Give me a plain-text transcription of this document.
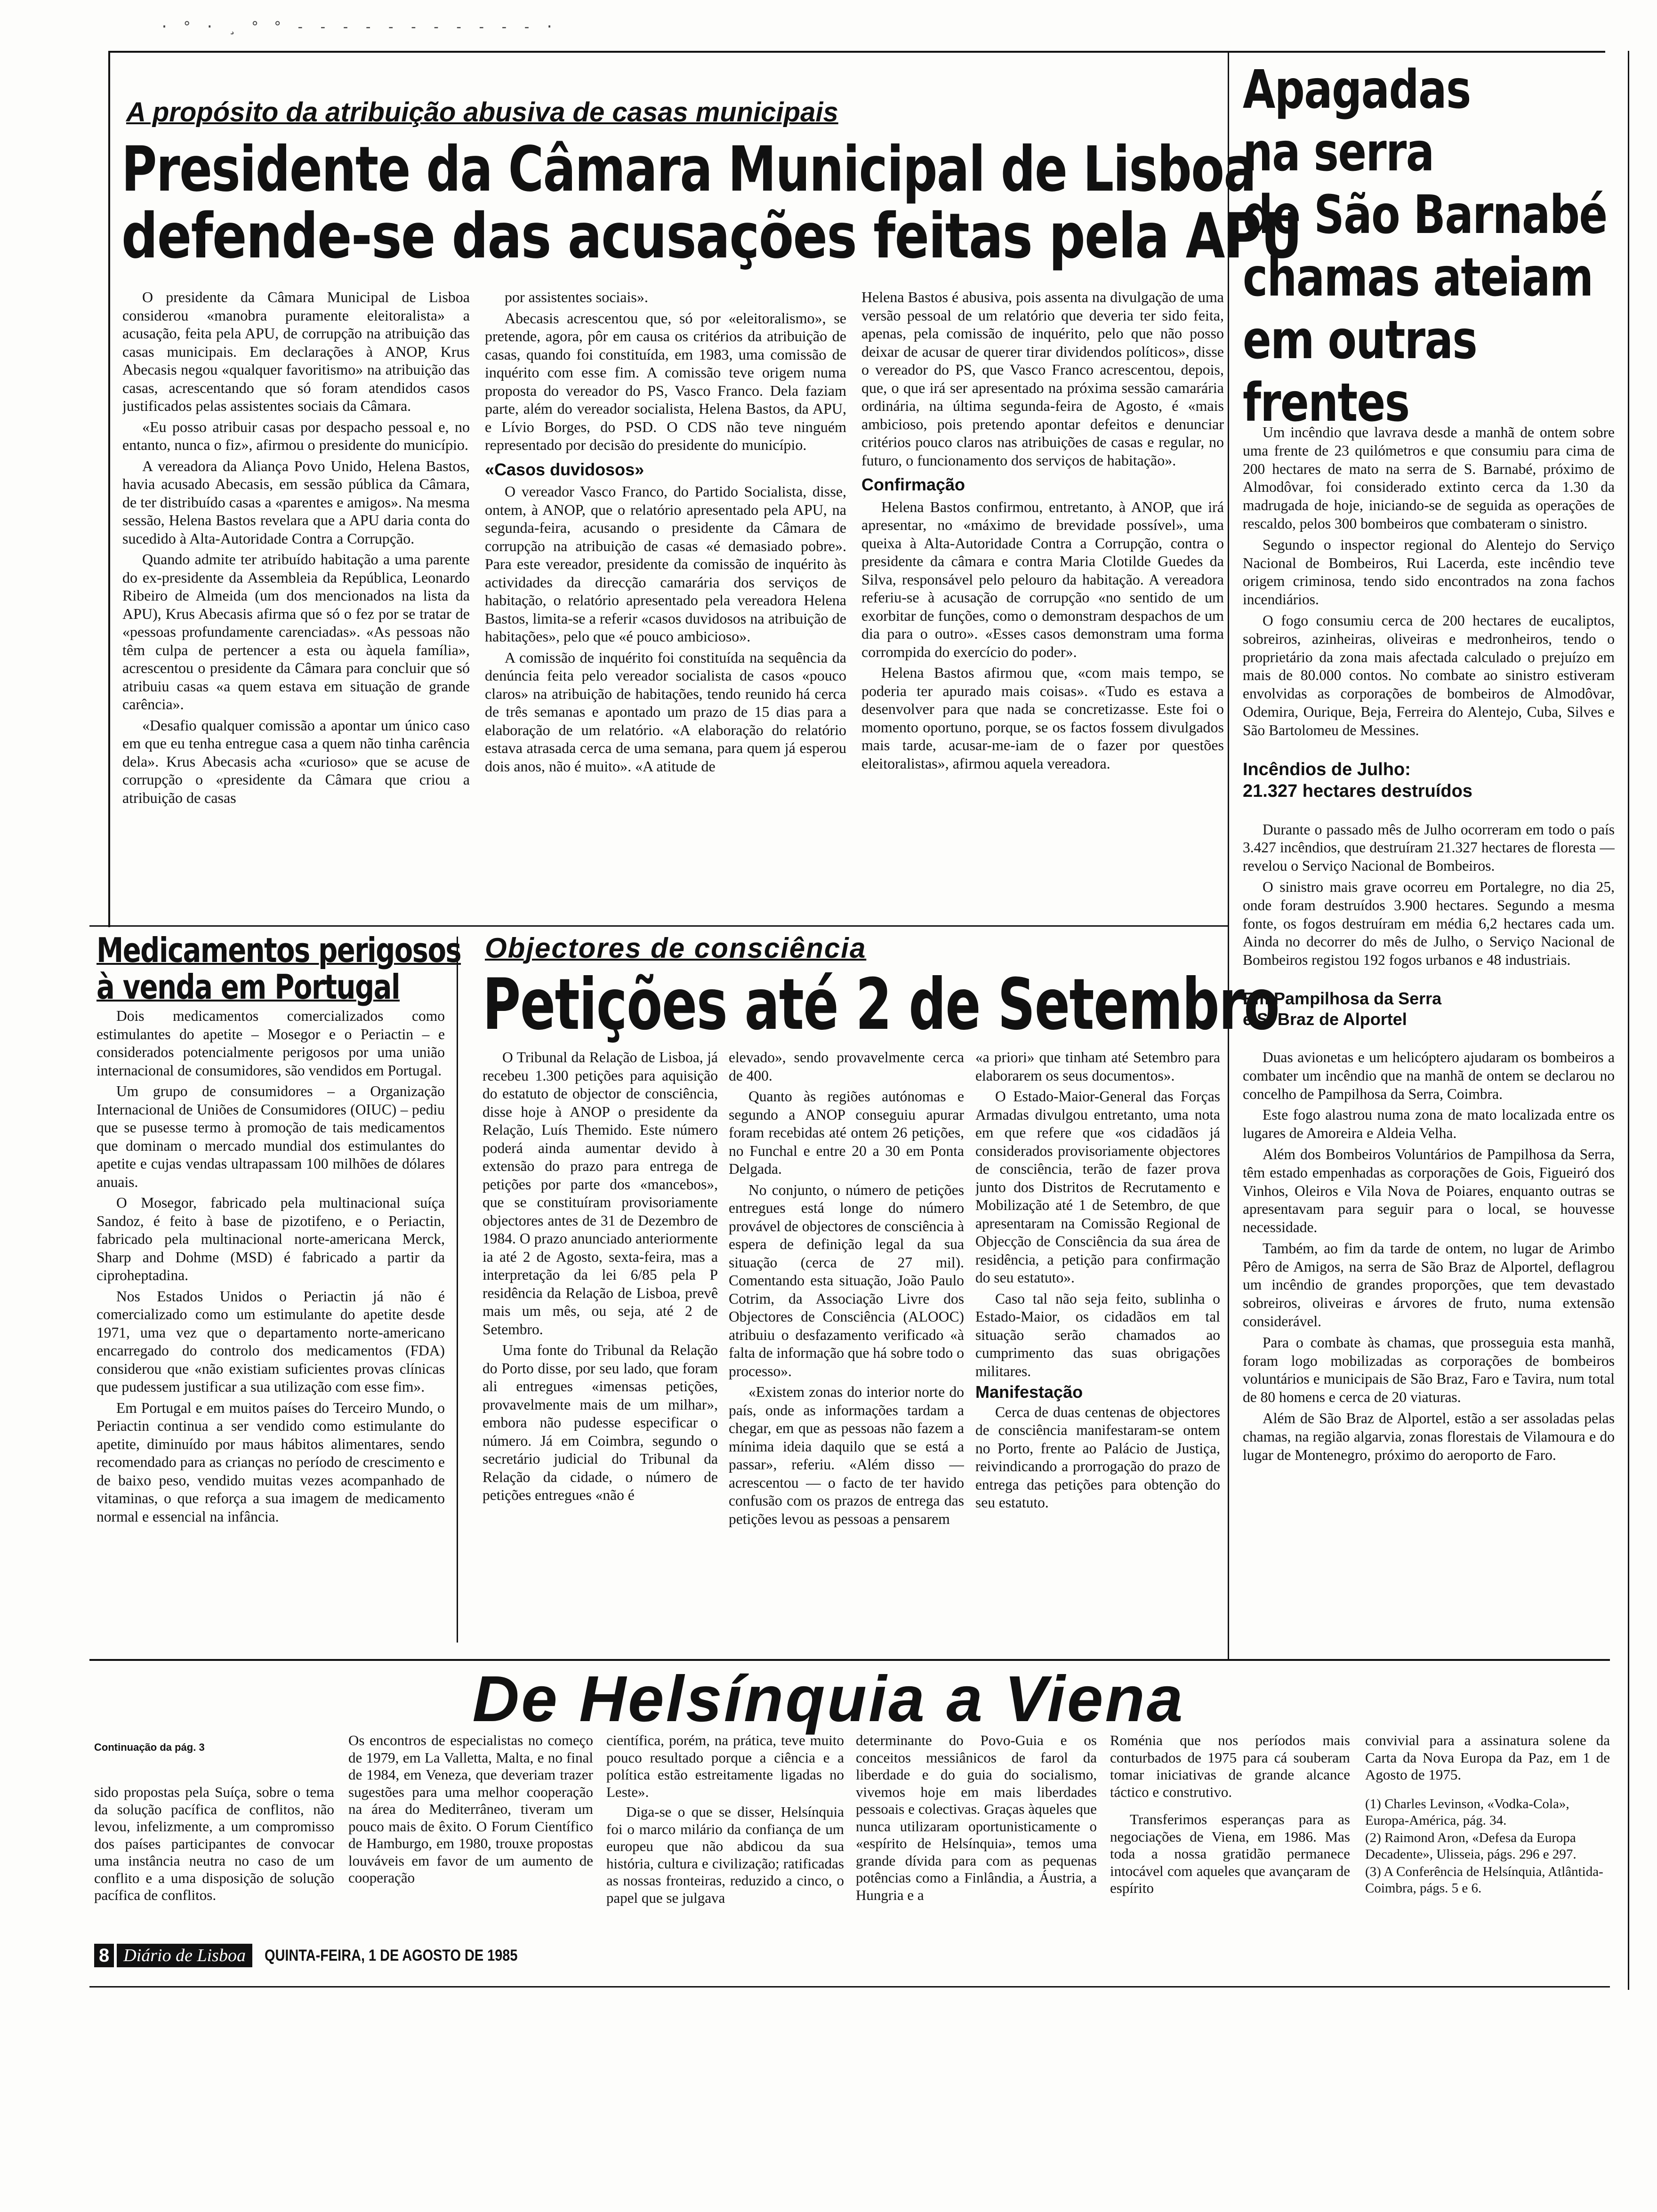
· ° · ¸ ° ° ‐ ‐ ‐ ‐ ‐ ‐ ‐ ‐ ‐ ‐ ‐ ·
A propósito da atribuição abusiva de casas municipais
Presidente da Câmara Municipal de Lisboa
defende-se das acusações feitas pela APU

O presidente da Câmara Municipal de Lisboa considerou «manobra puramente eleitoralista» a acusação, feita pela APU, de corrupção na atribuição das casas municipais. Em declarações à ANOP, Krus Abecasis negou «qualquer favoritismo» na atribuição das casas, acrescentando que só foram atendidos casos justificados pelas assistentes sociais da Câmara.

«Eu posso atribuir casas por despacho pessoal e, no entanto, nunca o fiz», afirmou o presidente do município.

A vereadora da Aliança Povo Unido, Helena Bastos, havia acusado Abecasis, em sessão pública da Câmara, de ter distribuído casas a «parentes e amigos». Na mesma sessão, Helena Bastos revelara que a APU daria conta do sucedido à Alta-Autoridade Contra a Corrupção.

Quando admite ter atribuído habitação a uma parente do ex-presidente da Assembleia da República, Leonardo Ribeiro de Almeida (um dos mencionados na lista da APU), Krus Abecasis afirma que só o fez por se tratar de «pessoas profundamente carenciadas». «As pessoas não têm culpa de pertencer a esta ou àquela família», acrescentou o presidente da Câmara para concluir que só atribuiu casas «a quem estava em situação de grande carência».

«Desafio qualquer comissão a apontar um único caso em que eu tenha entregue casa a quem não tinha carência dela». Krus Abecasis acha «curioso» que se acuse de corrupção o «presidente da Câmara que criou a atribuição de casas

por assistentes sociais».

Abecasis acrescentou que, só por «eleitoralismo», se pretende, agora, pôr em causa os critérios da atribuição de casas, quando foi constituída, em 1983, uma comissão de inquérito com esse fim. A comissão teve origem numa proposta do vereador do PS, Vasco Franco. Dela faziam parte, além do vereador socialista, Helena Bastos, da APU, e Lívio Borges, do PSD. O CDS não teve ninguém representado por decisão do presidente do município.

«Casos duvidosos»

O vereador Vasco Franco, do Partido Socialista, disse, ontem, à ANOP, que o relatório apresentado pela APU, na segunda-feira, acusando o presidente da Câmara de corrupção na atribuição de casas «é demasiado pobre». Para este vereador, presidente da comissão de inquérito às actividades da direcção camarária dos serviços de habitação, o relatório apresentado pela vereadora Helena Bastos, limita-se a referir «casos duvidosos na atribuição de habitações», pelo que «é pouco ambicioso».

A comissão de inquérito foi constituída na sequência da denúncia feita pelo vereador socialista de casos «pouco claros» na atribuição de habitações, tendo reunido há cerca de três semanas e apontado um prazo de 15 dias para a elaboração de um relatório. «A elaboração do relatório estava atrasada cerca de uma semana, para quem já esperou dois anos, não é muito». «A atitude de

Helena Bastos é abusiva, pois assenta na divulgação de uma versão pessoal de um relatório que deveria ter sido feita, apenas, pela comissão de inquérito, pelo que não posso deixar de acusar de querer tirar dividendos políticos», disse o vereador do PS, que Vasco Franco acrescentou, depois, que, o que irá ser apresentado na próxima sessão camarária ordinária, na última segunda-feira de Agosto, é «mais ambicioso, pois pretendo apontar defeitos e denunciar critérios pouco claros nas atribuições de casas e regular, no futuro, o funcionamento dos serviços de habitação».

Confirmação

Helena Bastos confirmou, entretanto, à ANOP, que irá apresentar, no «máximo de brevidade possível», uma queixa à Alta-Autoridade Contra a Corrupção, contra o presidente da câmara e contra Maria Clotilde Guedes da Silva, responsável pelo pelouro da habitação. A vereadora referiu-se à acusação de corrupção «no sentido de um exorbitar de funções, como o demonstram despachos de um dia para o outro». «Esses casos demonstram uma forma corrompida do exercício do poder».

Helena Bastos afirmou que, «com mais tempo, se poderia ter apurado mais coisas». «Tudo es estava a desenvolver para que nada se concretizasse. Este foi o momento oportuno, porque, se os factos fossem divulgados mais tarde, acusar-me-iam de o fazer por questões eleitoralistas», afirmou aquela vereadora.

Apagadas
na serra
de São Barnabé
chamas ateiam
em outras
frentes

Um incêndio que lavrava desde a manhã de ontem sobre uma frente de 23 quilómetros e que consumiu para cima de 200 hectares de mato na serra de S. Barnabé, próximo de Almodôvar, foi considerado extinto cerca da 1.30 da madrugada de hoje, iniciando-se de seguida as operações de rescaldo, pelos 300 bombeiros que combateram o sinistro.

Segundo o inspector regional do Alentejo do Serviço Nacional de Bombeiros, Rui Lacerda, este incêndio teve origem criminosa, tendo sido encontrados na zona fachos incendiários.

O fogo consumiu cerca de 200 hectares de eucaliptos, sobreiros, azinheiras, oliveiras e medronheiros, tendo o proprietário da zona mais afectada calculado o prejuízo em mais de 80.000 contos. No combate ao sinistro estiveram envolvidas as corporações de bombeiros de Almodôvar, Odemira, Ourique, Beja, Ferreira do Alentejo, Cuba, Silves e São Bartolomeu de Messines.

Incêndios de Julho:
21.327 hectares destruídos

Durante o passado mês de Julho ocorreram em todo o país 3.427 incêndios, que destruíram 21.327 hectares de floresta — revelou o Serviço Nacional de Bombeiros.

O sinistro mais grave ocorreu em Portalegre, no dia 25, onde foram destruídos 3.900 hectares. Segundo a mesma fonte, os fogos destruíram em média 6,2 hectares cada um. Ainda no decorrer do mês de Julho, o Serviço Nacional de Bombeiros registou 192 fogos urbanos e 48 industriais.

Em Pampilhosa da Serra
e S. Braz de Alportel

Duas avionetas e um helicóptero ajudaram os bombeiros a combater um incêndio que na manhã de ontem se declarou no concelho de Pampilhosa da Serra, Coimbra.

Este fogo alastrou numa zona de mato localizada entre os lugares de Amoreira e Aldeia Velha.

Além dos Bombeiros Voluntários de Pampilhosa da Serra, têm estado empenhadas as corporações de Gois, Figueiró dos Vinhos, Oleiros e Vila Nova de Poiares, enquanto outras se apresentavam para seguir para o local, se houvesse necessidade.

Também, ao fim da tarde de ontem, no lugar de Arimbo Pêro de Amigos, na serra de São Braz de Alportel, deflagrou um incêndio de grandes proporções, que tem devastado sobreiros, oliveiras e árvores de fruto, numa extensão considerável.

Para o combate às chamas, que prosseguia esta manhã, foram logo mobilizadas as corporações de bombeiros voluntários e municipais de São Braz, Faro e Tavira, num total de 80 homens e cerca de 20 viaturas.

Além de São Braz de Alportel, estão a ser assoladas pelas chamas, na região algarvia, zonas florestais de Vilamoura e do lugar de Montenegro, próximo do aeroporto de Faro.

Medicamentos perigosos
à venda em Portugal

Dois medicamentos comercializados como estimulantes do apetite – Mosegor e o Periactin – e considerados potencialmente perigosos por uma união internacional de consumidores, são vendidos em Portugal.

Um grupo de consumidores – a Organização Internacional de Uniões de Consumidores (OIUC) – pediu que se pusesse termo à promoção de tais medicamentos que dominam o mercado mundial dos estimulantes do apetite e cujas vendas ultrapassam 100 milhões de dólares anuais.

O Mosegor, fabricado pela multinacional suíça Sandoz, é feito à base de pizotifeno, e o Periactin, fabricado pela multinacional norte-americana Merck, Sharp and Dohme (MSD) é fabricado a partir da ciproheptadina.

Nos Estados Unidos o Periactin já não é comercializado como um estimulante do apetite desde 1971, uma vez que o departamento norte-americano encarregado do controlo dos medicamentos (FDA) considerou que «não existiam suficientes provas clínicas que pudessem justificar a sua utilização com esse fim».

Em Portugal e em muitos países do Terceiro Mundo, o Periactin continua a ser vendido como estimulante do apetite, diminuído por maus hábitos alimentares, sendo recomendado para as crianças no período de crescimento e de baixo peso, vendido muitas vezes acompanhado de vitaminas, o que reforça a sua imagem de medicamento normal e essencial na infância.

Objectores de consciência
Petições até 2 de Setembro

O Tribunal da Relação de Lisboa, já recebeu 1.300 petições para aquisição do estatuto de objector de consciência, disse hoje à ANOP o presidente da Relação, Luís Themido. Este número poderá ainda aumentar devido à extensão do prazo para entrega de petições por parte dos «mancebos», que se constituíram provisoriamente objectores antes de 31 de Dezembro de 1984. O prazo anunciado anteriormente ia até 2 de Agosto, sexta-feira, mas a interpretação da lei 6/85 pela P residência da Relação de Lisboa, prevê mais um mês, ou seja, até 2 de Setembro.

Uma fonte do Tribunal da Relação do Porto disse, por seu lado, que foram ali entregues «imensas petições, provavelmente mais de um milhar», embora não pudesse especificar o número. Já em Coimbra, segundo o secretário judicial do Tribunal da Relação da cidade, o número de petições entregues «não é

elevado», sendo provavelmente cerca de 400.

Quanto às regiões autónomas e segundo a ANOP conseguiu apurar foram recebidas até ontem 26 petições, no Funchal e entre 20 a 30 em Ponta Delgada.

No conjunto, o número de petições entregues está longe do número provável de objectores de consciência à espera de definição legal da sua situação (cerca de 27 mil). Comentando esta situação, João Paulo Cotrim, da Associação Livre dos Objectores de Consciência (ALOOC) atribuiu o desfazamento verificado «à falta de informação que há sobre todo o processo».

«Existem zonas do interior norte do país, onde as informações tardam a chegar, em que as pessoas não fazem a mínima ideia daquilo que se está a passar», referiu. «Além disso — acrescentou — o facto de ter havido confusão com os prazos de entrega das petições levou as pessoas a pensarem

«a priori» que tinham até Setembro para elaborarem os seus documentos».

O Estado-Maior-General das Forças Armadas divulgou entretanto, uma nota em que refere que «os cidadãos já considerados provisoriamente objectores de consciência, terão de fazer prova junto dos Distritos de Recrutamento e Mobilização até 1 de Setembro, de que apresentaram na Comissão Regional de Objecção de Consciência da sua área de residência, a petição para confirmação do seu estatuto».

Caso tal não seja feito, sublinha o Estado-Maior, os cidadãos em tal situação serão chamados ao cumprimento das suas obrigações militares.

Manifestação

Cerca de duas centenas de objectores de consciência manifestaram-se ontem no Porto, frente ao Palácio de Justiça, reivindicando a prorrogação do prazo de entrega das petições para obtenção do seu estatuto.

De Helsínquia a Viena
Continuação da pág. 3

sido propostas pela Suíça, sobre o tema da solução pacífica de conflitos, não levou, infelizmente, a um compromisso dos países participantes de convocar uma instância neutra no caso de um conflito e a uma disposição de solução pacífica de conflitos.

Os encontros de especialistas no começo de 1979, em La Valletta, Malta, e no final de 1984, em Veneza, que deveriam trazer sugestões para uma melhor cooperação na área do Mediterrâneo, tiveram um pouco mais de êxito. O Forum Científico de Hamburgo, em 1980, trouxe propostas louváveis em favor de um aumento de cooperação

científica, porém, na prática, teve muito pouco resultado porque a ciência e a política estão estreitamente ligadas no Leste».

Diga-se o que se disser, Helsínquia foi o marco milário da confiança de um europeu que não abdicou da sua história, cultura e civilização; ratificadas as nossas fronteiras, reduzido a cinco, o papel que se julgava

determinante do Povo-Guia e os conceitos messiânicos de farol da liberdade e do guia do socialismo, vivemos hoje em mais liberdades pessoais e colectivas. Graças àqueles que nunca utilizaram oportunisticamente o «espírito de Helsínquia», temos uma grande dívida para com as pequenas potências como a Finlândia, a Áustria, a Hungria e a

Roménia que nos períodos mais conturbados de 1975 para cá souberam tomar iniciativas de grande alcance táctico e construtivo.

Transferimos esperanças para as negociações de Viena, em 1986. Mas toda a nossa gratidão permanece intocável com aqueles que avançaram de espírito

convivial para a assinatura solene da Carta da Nova Europa da Paz, em 1 de Agosto de 1975.

(1) Charles Levinson, «Vodka-Cola», Europa-América, pág. 34.

(2) Raimond Aron, «Defesa da Europa Decadente», Ulisseia, págs. 296 e 297.

(3) A Conferência de Helsínquia, Atlântida-Coimbra, págs. 5 e 6.

8 Diário de Lisboa	QUINTA-FEIRA, 1 DE AGOSTO DE 1985
